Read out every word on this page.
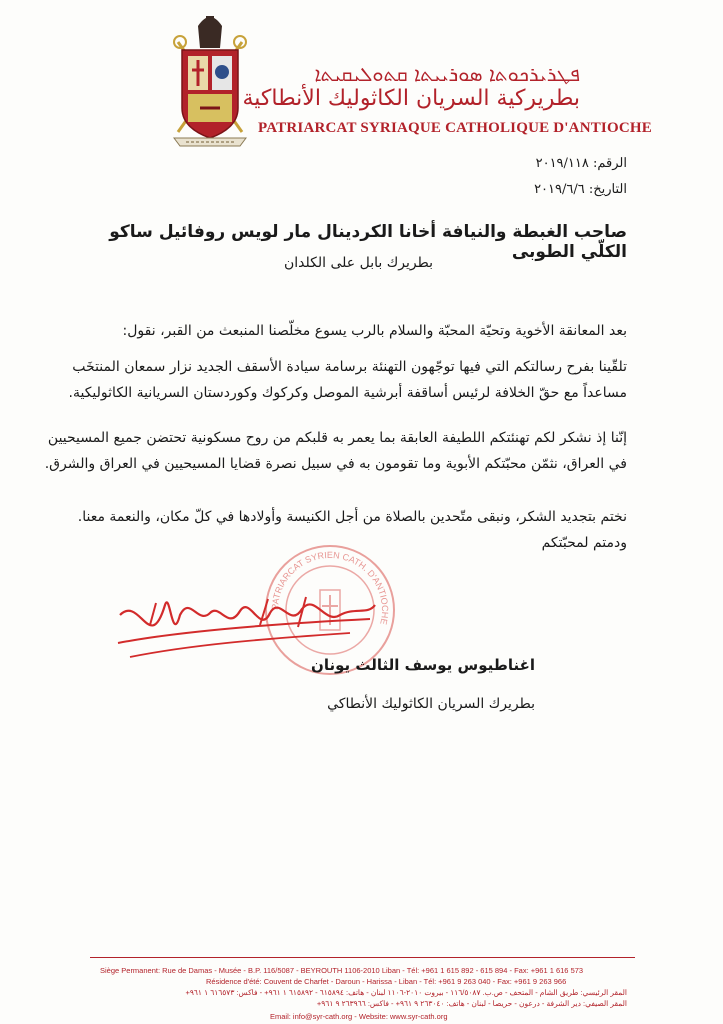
ܦܛܪܝܪܟܘܬܐ ܣܘܪܝܝܬܐ ܩܬܘܠܝܩܝܬܐ
بطريركية السريان الكاثوليك الأنطاكية
PATRIARCAT SYRIAQUE CATHOLIQUE D'ANTIOCHE
الرقم: ٢٠١٩/١١٨
التاريخ: ٢٠١٩/٦/٦
صاحب الغبطة والنيافة أخانا الكردينال مار لويس روفائيل ساكو الكلّي الطوبى
بطريرك بابل على الكلدان
بعد المعانقة الأخوية وتحيّة المحبّة والسلام بالرب يسوع مخلّصنا المنبعث من القبر، نقول:
تلقّينا بفرح رسالتكم التي فيها توجّهون التهنئة برسامة سيادة الأسقف الجديد نزار سمعان المنتخَب مساعداً مع حقّ الخلافة لرئيس أساقفة أبرشية الموصل وكركوك وكوردستان السريانية الكاثوليكية.
إنّنا إذ نشكر لكم تهنئتكم اللطيفة العابقة بما يعمر به قلبكم من روح مسكونية تحتضن جميع المسيحيين في العراق، نثمّن محبّتكم الأبوية وما تقومون به في سبيل نصرة قضايا المسيحيين في العراق والشرق.
نختم بتجديد الشكر، ونبقى متّحدين بالصلاة من أجل الكنيسة وأولادها في كلّ مكان، والنعمة معنا.
ودمتم لمحبّتكم
PATRIARCAT SYRIEN CATH. D'ANTIOCHE
اغناطيوس يوسف الثالث يونان
بطريرك السريان الكاثوليك الأنطاكي
Siège Permanent: Rue de Damas - Musée - B.P. 116/5087 - BEYROUTH 1106-2010 Liban - Tél: +961 1 615 892 - 615 894 - Fax: +961 1 616 573
Résidence d'été: Couvent de Charfet - Daroun - Harissa - Liban - Tél: +961 9 263 040 - Fax: +961 9 263 966
المقر الرئيسي: طريق الشام - المتحف - ص.ب. ١١٦/٥٠٨٧ - بيروت ٢٠١٠-١١٠٦ لبنان - هاتف: ٦١٥٨٩٤ - ٦١٥٨٩٢ ١ ٩٦١+ - فاكس: ٦١٦٥٧٣ ١ ٩٦١+
المقر الصيفي: دير الشرفة - درعون - حريصا - لبنان - هاتف: ٢٦٣٠٤٠ ٩ ٩٦١+ - فاكس: ٢٦٣٩٦٦ ٩ ٩٦١+
Email: info@syr-cath.org - Website: www.syr-cath.org
